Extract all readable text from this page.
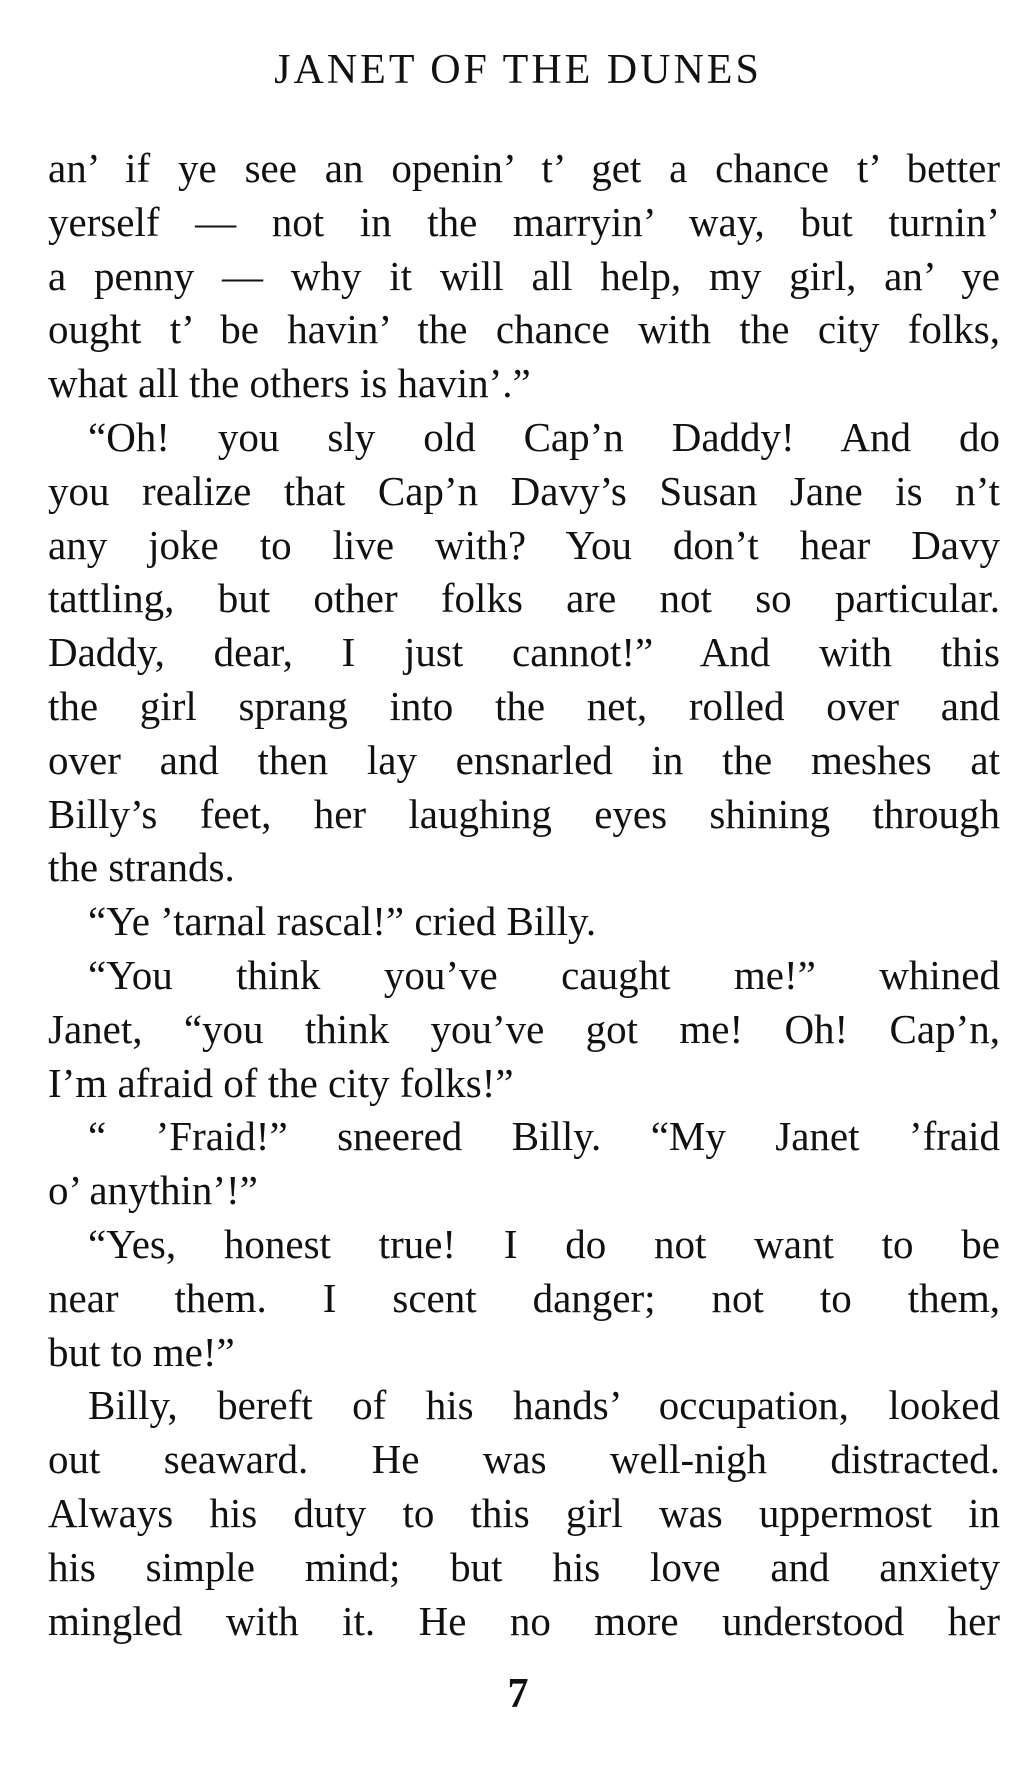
JANET OF THE DUNES

an’ if ye see an openin’ t’ get a chance t’ better
yerself — not in the marryin’ way, but turnin’
a penny — why it will all help, my girl, an’ ye
ought t’ be havin’ the chance with the city folks,
what all the others is havin’.”

“Oh! you sly old Cap’n Daddy! And do
you realize that Cap’n Davy’s Susan Jane is n’t
any joke to live with? You don’t hear Davy
tattling, but other folks are not so particular.
Daddy, dear, I just cannot!” And with this
the girl sprang into the net, rolled over and
over and then lay ensnarled in the meshes at
Billy’s feet, her laughing eyes shining through
the strands.

“Ye ’tarnal rascal!” cried Billy.

“You think you’ve caught me!” whined
Janet, “you think you’ve got me! Oh! Cap’n,
I’m afraid of the city folks!”

“ ’Fraid!” sneered Billy. “My Janet ’fraid
o’ anythin’!”

“Yes, honest true! I do not want to be
near them. I scent danger; not to them,
but to me!”

Billy, bereft of his hands’ occupation, looked
out seaward. He was well-nigh distracted.
Always his duty to this girl was uppermost in
his simple mind; but his love and anxiety
mingled with it. He no more understood her

7
